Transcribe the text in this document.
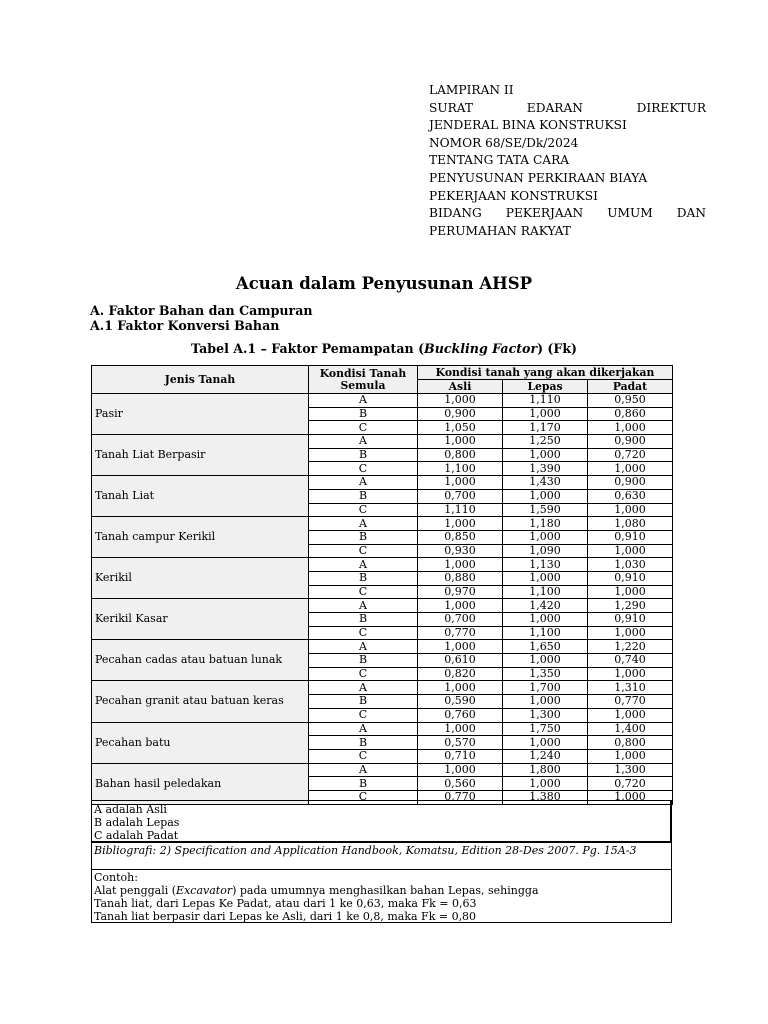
LAMPIRAN II
SURAT	EDARAN	DIREKTUR
JENDERAL BINA KONSTRUKSI
NOMOR 68/SE/Dk/2024
TENTANG TATA CARA
PENYUSUNAN PERKIRAAN BIAYA
PEKERJAAN KONSTRUKSI
BIDANG PEKERJAAN UMUM DAN
PERUMAHAN RAKYAT
Acuan dalam Penyusunan AHSP
A. Faktor Bahan dan Campuran
A.1 Faktor Konversi Bahan
Tabel A.1 – Faktor Pemampatan (Buckling Factor) (Fk)
Jenis Tanah	Kondisi Tanah Semula	Kondisi tanah yang akan dikerjakan		
		Asli	Lepas	Padat
Pasir	A	1,000	1,110	0,950
	B	0,900	1,000	0,860
	C	1,050	1,170	1,000
Tanah Liat Berpasir	A	1,000	1,250	0,900
	B	0,800	1,000	0,720
	C	1,100	1,390	1,000
Tanah Liat	A	1,000	1,430	0,900
	B	0,700	1,000	0,630
	C	1,110	1,590	1,000
Tanah campur Kerikil	A	1,000	1,180	1,080
	B	0,850	1,000	0,910
	C	0,930	1,090	1,000
Kerikil	A	1,000	1,130	1,030
	B	0,880	1,000	0,910
	C	0,970	1,100	1,000
Kerikil Kasar	A	1,000	1,420	1,290
	B	0,700	1,000	0,910
	C	0,770	1,100	1,000
Pecahan cadas atau batuan lunak	A	1,000	1,650	1,220
	B	0,610	1,000	0,740
	C	0,820	1,350	1,000
Pecahan granit atau batuan keras	A	1,000	1,700	1,310
	B	0,590	1,000	0,770
	C	0,760	1,300	1,000
Pecahan batu	A	1,000	1,750	1,400
	B	0,570	1,000	0,800
	C	0,710	1,240	1,000
Bahan hasil peledakan	A	1,000	1,800	1,300
	B	0,560	1,000	0,720
	C	0,770	1,380	1,000
A adalah Asli
B adalah Lepas
C adalah Padat
Bibliografi: 2) Specification and Application Handbook, Komatsu, Edition 28-Des 2007. Pg. 15A-3
Contoh:
Alat penggali (Excavator) pada umumnya menghasilkan bahan Lepas, sehingga
Tanah liat, dari Lepas Ke Padat, atau dari 1 ke 0,63, maka Fk = 0,63
Tanah liat berpasir dari Lepas ke Asli, dari 1 ke 0,8, maka Fk = 0,80
